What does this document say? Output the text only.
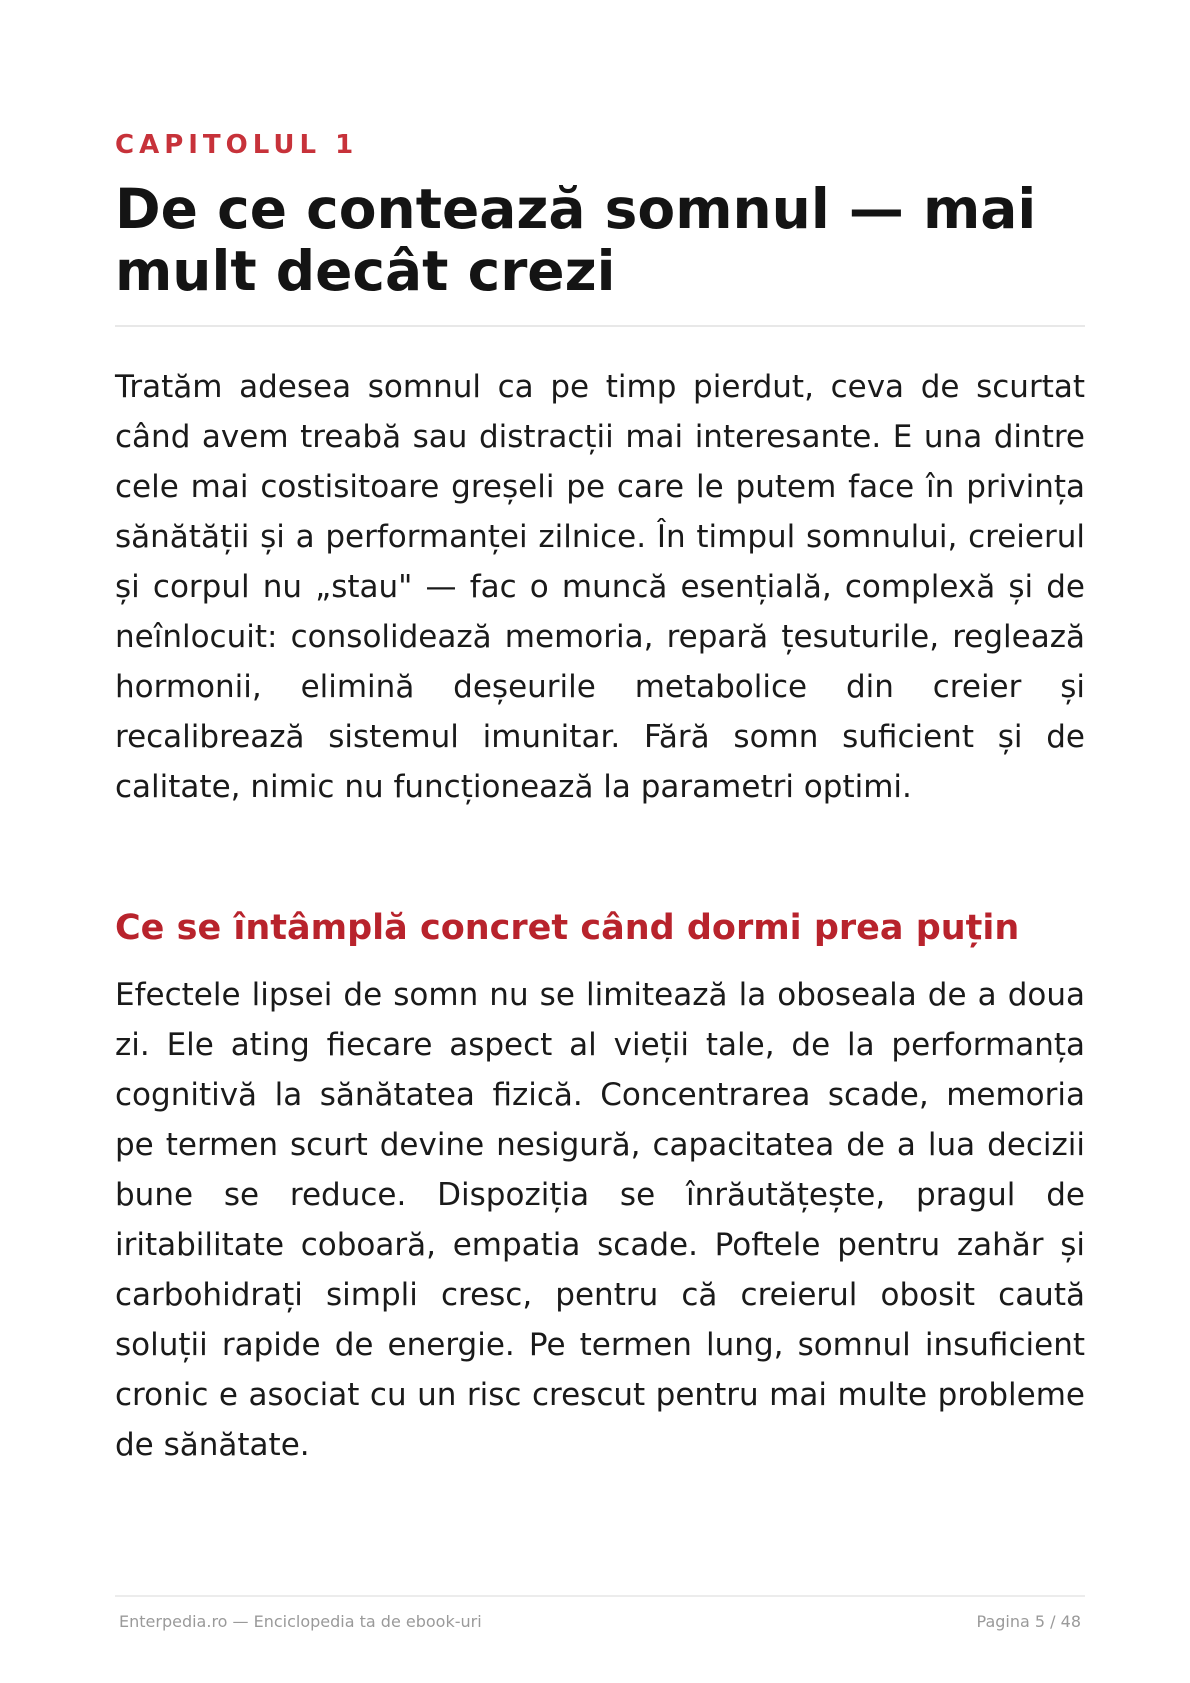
CAPITOLUL 1
De ce contează somnul — mai mult decât crezi

Tratăm adesea somnul ca pe timp pierdut, ceva de scurtat când avem treabă sau distracții mai interesante. E una dintre cele mai costisitoare greșeli pe care le putem face în privința sănătății și a performanței zilnice. În timpul somnului, creierul și corpul nu „stau" — fac o muncă esențială, complexă și de neînlocuit: consolidează memoria, repară țesuturile, reglează hormonii, elimină deșeurile metabolice din creier și recalibrează sistemul imunitar. Fără somn suficient și de calitate, nimic nu funcționează la parametri optimi.

Ce se întâmplă concret când dormi prea puțin

Efectele lipsei de somn nu se limitează la oboseala de a doua zi. Ele ating fiecare aspect al vieții tale, de la performanța cognitivă la sănătatea fizică. Concentrarea scade, memoria pe termen scurt devine nesigură, capacitatea de a lua decizii bune se reduce. Dispoziția se înrăutățește, pragul de iritabilitate coboară, empatia scade. Poftele pentru zahăr și carbohidrați simpli cresc, pentru că creierul obosit caută soluții rapide de energie. Pe termen lung, somnul insuficient cronic e asociat cu un risc crescut pentru mai multe probleme de sănătate.

Enterpedia.ro — Enciclopedia ta de ebook-uri	Pagina 5 / 48
